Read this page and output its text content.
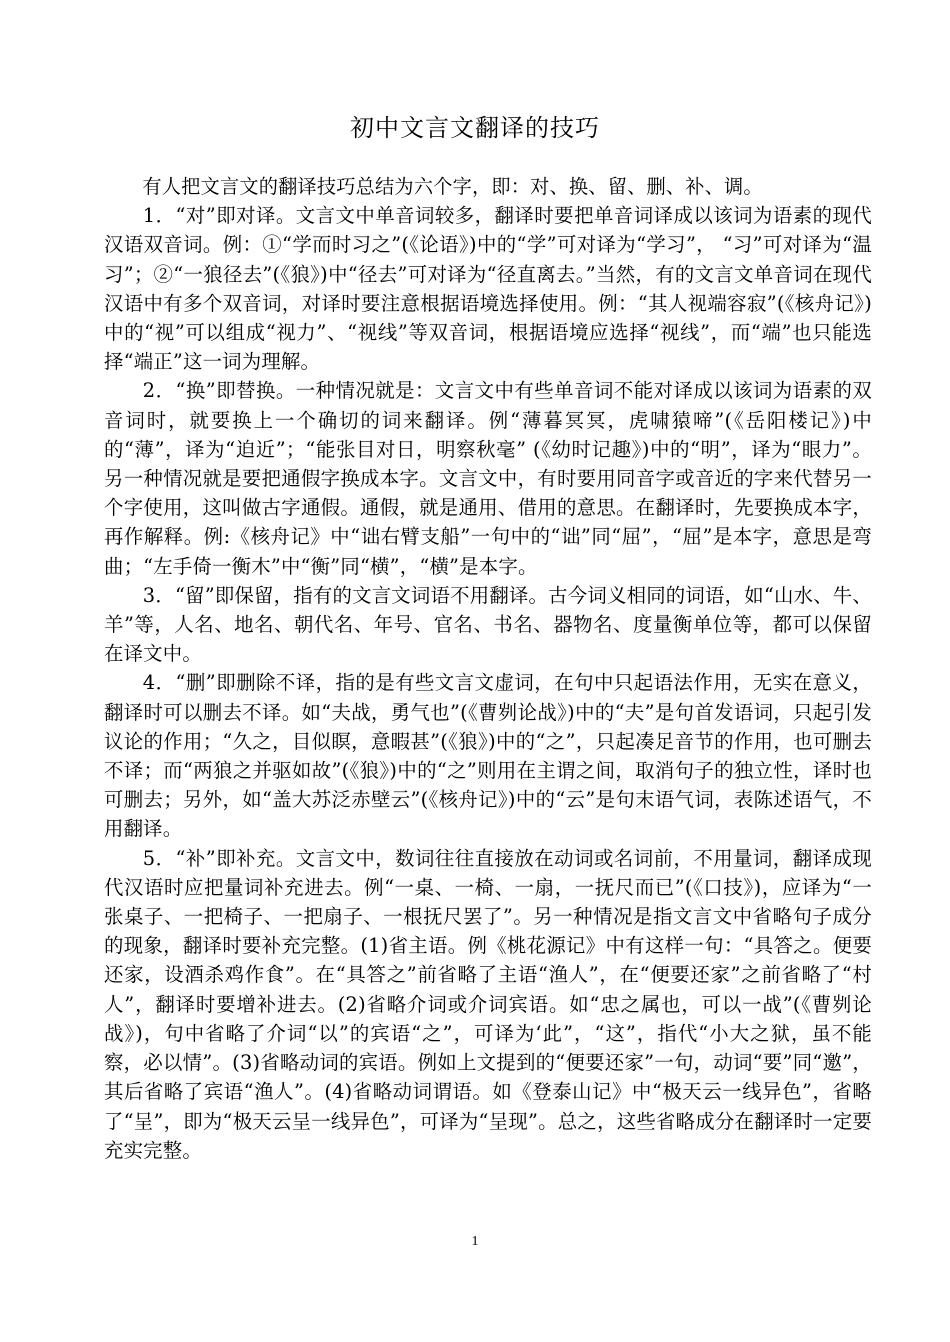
初中文言文翻译的技巧

有人把文言文的翻译技巧总结为六个字，即：对、换、留、删、补、调。

1．“对”即对译。文言文中单音词较多，翻译时要把单音词译成以该词为语素的现代汉语双音词。例：①“学而时习之”(《论语》)中的“学”可对译为“学习”， “习”可对译为“温习”；②“一狼径去”(《狼》)中“径去”可对译为“径直离去。”当然，有的文言文单音词在现代汉语中有多个双音词，对译时要注意根据语境选择使用。例：“其人视端容寂”(《核舟记》)中的“视”可以组成“视力”、“视线”等双音词，根据语境应选择“视线”，而“端”也只能选择“端正”这一词为理解。

2．“换”即替换。一种情况就是：文言文中有些单音词不能对译成以该词为语素的双音词时，就要换上一个确切的词来翻译。例“薄暮冥冥，虎啸猿啼”(《岳阳楼记》)中的“薄”，译为“迫近”；“能张目对日，明察秋毫” (《幼时记趣》)中的“明”，译为“眼力”。另一种情况就是要把通假字换成本字。文言文中，有时要用同音字或音近的字来代替另一个字使用，这叫做古字通假。通假，就是通用、借用的意思。在翻译时，先要换成本字，再作解释。例:《核舟记》中“诎右臂支船”一句中的“诎”同“屈”，“屈”是本字，意思是弯曲；“左手倚一衡木”中“衡”同“横”，“横”是本字。

3．“留”即保留，指有的文言文词语不用翻译。古今词义相同的词语，如“山水、牛、羊”等，人名、地名、朝代名、年号、官名、书名、器物名、度量衡单位等，都可以保留在译文中。

4．“删”即删除不译，指的是有些文言文虚词，在句中只起语法作用，无实在意义，翻译时可以删去不译。如“夫战，勇气也”(《曹刿论战》)中的“夫”是句首发语词，只起引发议论的作用；“久之，目似瞑，意暇甚”(《狼》)中的“之”，只起凑足音节的作用，也可删去不译；而“两狼之并驱如故”(《狼》)中的“之”则用在主谓之间，取消句子的独立性，译时也可删去；另外，如“盖大苏泛赤壁云”(《核舟记》)中的“云”是句末语气词，表陈述语气，不用翻译。

5．“补”即补充。文言文中，数词往往直接放在动词或名词前，不用量词，翻译成现代汉语时应把量词补充进去。例“一桌、一椅、一扇，一抚尺而已”(《口技》)，应译为“一张桌子、一把椅子、一把扇子、一根抚尺罢了”。另一种情况是指文言文中省略句子成分的现象，翻译时要补充完整。(1)省主语。例《桃花源记》中有这样一句：“具答之。便要还家，设酒杀鸡作食”。在“具答之”前省略了主语“渔人”，在“便要还家”之前省略了“村人”，翻译时要增补进去。(2)省略介词或介词宾语。如“忠之属也，可以一战”(《曹刿论战》)，句中省略了介词“以”的宾语“之”，可译为‘此”，“这”，指代“小大之狱，虽不能察，必以情”。(3)省略动词的宾语。例如上文提到的“便要还家”一句，动词“要”同“邀”，其后省略了宾语“渔人”。(4)省略动词谓语。如《登泰山记》中“极天云一线异色”，省略了“呈”，即为“极天云呈一线异色”，可译为“呈现”。总之，这些省略成分在翻译时一定要充实完整。

1
